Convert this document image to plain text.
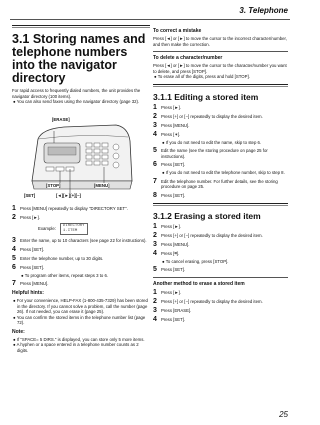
3. Telephone
3.1 Storing names and telephone numbers into the navigator directory

For rapid access to frequently dialed numbers, the unit provides the navigator directory (100 items).

● You can also send faxes using the navigator directory (page 32).

[ERASE]
[STOP]	[MENU]
[SET]	[◄][►][+][−]
1 Press [MENU] repeatedly to display "DIRECTORY SET".
2 Press [►].
Example:
DIRECTORY
1.ITEM
3 Enter the name, up to 10 characters (see page 22 for instructions).
4 Press [SET].
5 Enter the telephone number, up to 30 digits.
6 Press [SET].
● To program other items, repeat steps 3 to 6.
7 Press [MENU].
Helpful hints:

● For your convenience, HELP-FAX (1-800-435-7329) has been stored in the directory. If you cannot solve a problem, call the number (page 26). If not needed, you can erase it (page 25).

● You can confirm the stored items in the telephone number list (page 72).

Note:

● If "SPACE= 5 DIRS." is displayed, you can store only 5 more items.

● A hyphen or a space entered in a telephone number counts as 2 digits.

To correct a mistake

Press [◄] or [►] to move the cursor to the incorrect character/number, and then make the correction.

To delete a character/number

Press [◄] or [►] to move the cursor to the character/number you want to delete, and press [STOP].

● To erase all of the digits, press and hold [STOP].

3.1.1 Editing a stored item
1 Press [►].
2 Press [+] or [−] repeatedly to display the desired item.
3 Press [MENU].
4 Press [✶].
● If you do not need to edit the name, skip to step 6.
5 Edit the name (see the storing procedure on page 25 for instructions).
6 Press [SET].
● If you do not need to edit the telephone number, skip to step 8.
7 Edit the telephone number. For further details, see the storing procedure on page 25.
8 Press [SET].
3.1.2 Erasing a stored item
1 Press [►].
2 Press [+] or [−] repeatedly to display the desired item.
3 Press [MENU].
4 Press [⌗].
● To cancel erasing, press [STOP].
5 Press [SET].
Another method to erase a stored item
1 Press [►].
2 Press [+] or [−] repeatedly to display the desired item.
3 Press [ERASE].
4 Press [SET].
25
